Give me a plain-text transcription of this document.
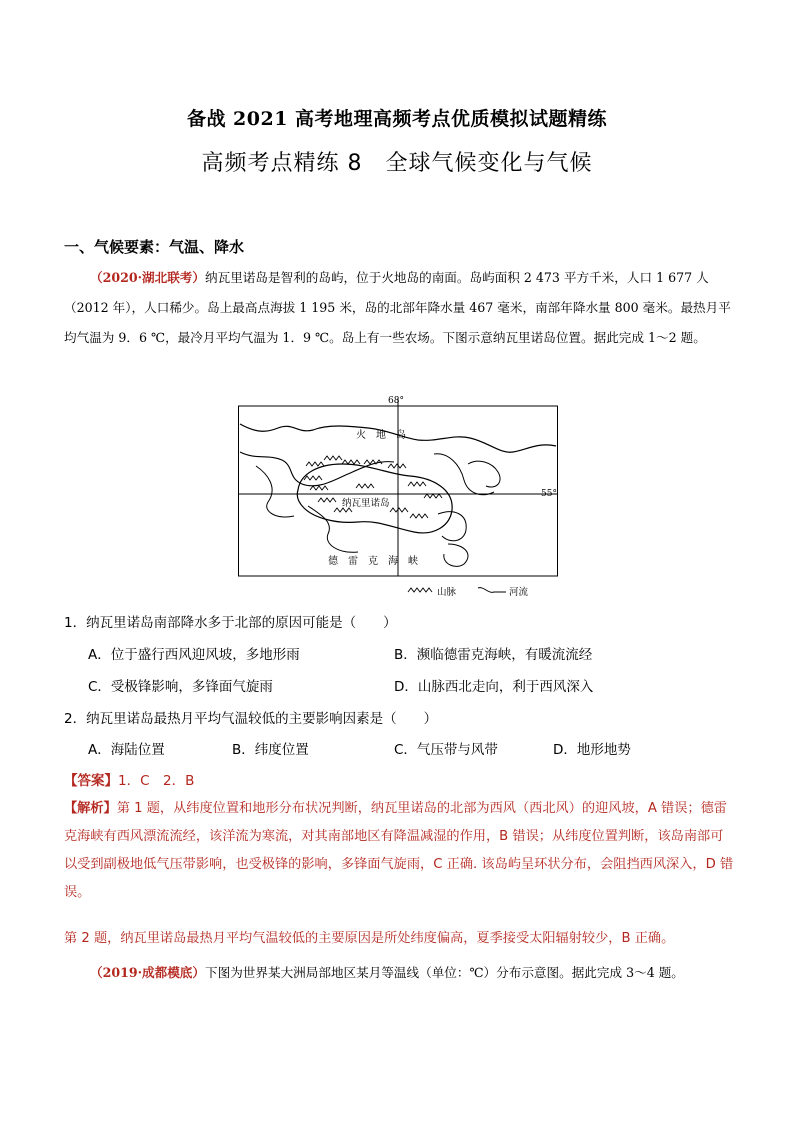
备战 2021 高考地理高频考点优质模拟试题精练
高频考点精练 8　全球气候变化与气候
一、气候要素：气温、降水
（2020·湖北联考）纳瓦里诺岛是智利的岛屿，位于火地岛的南面。岛屿面积 2 473 平方千米，人口 1 677 人（2012 年），人口稀少。岛上最高点海拔 1 195 米，岛的北部年降水量 467 毫米，南部年降水量 800 毫米。最热月平均气温为 9．6 ℃，最冷月平均气温为 1．9 ℃。岛上有一些农场。下图示意纳瓦里诺岛位置。据此完成 1～2 题。
68°
55°
火　地　岛
纳瓦里诺岛
德　雷　克　海　峡
山脉	河流
1．纳瓦里诺岛南部降水多于北部的原因可能是（　　）
A．位于盛行西风迎风坡，多地形雨	B．濒临德雷克海峡，有暖流流经
C．受极锋影响，多锋面气旋雨	D．山脉西北走向，利于西风深入
2．纳瓦里诺岛最热月平均气温较低的主要影响因素是（　　）
A．海陆位置	B．纬度位置	C．气压带与风带	D．地形地势
【答案】1．C　2．B
【解析】第 1 题，从纬度位置和地形分布状况判断，纳瓦里诺岛的北部为西风（西北风）的迎风坡，A 错误；德雷克海峡有西风漂流流经，该洋流为寒流，对其南部地区有降温减湿的作用，B 错误；从纬度位置判断，该岛南部可以受到副极地低气压带影响，也受极锋的影响，多锋面气旋雨，C 正确. 该岛屿呈环状分布，会阻挡西风深入，D 错误。
第 2 题，纳瓦里诺岛最热月平均气温较低的主要原因是所处纬度偏高，夏季接受太阳辐射较少，B 正确。
（2019·成都模底）下图为世界某大洲局部地区某月等温线（单位：℃）分布示意图。据此完成 3～4 题。
